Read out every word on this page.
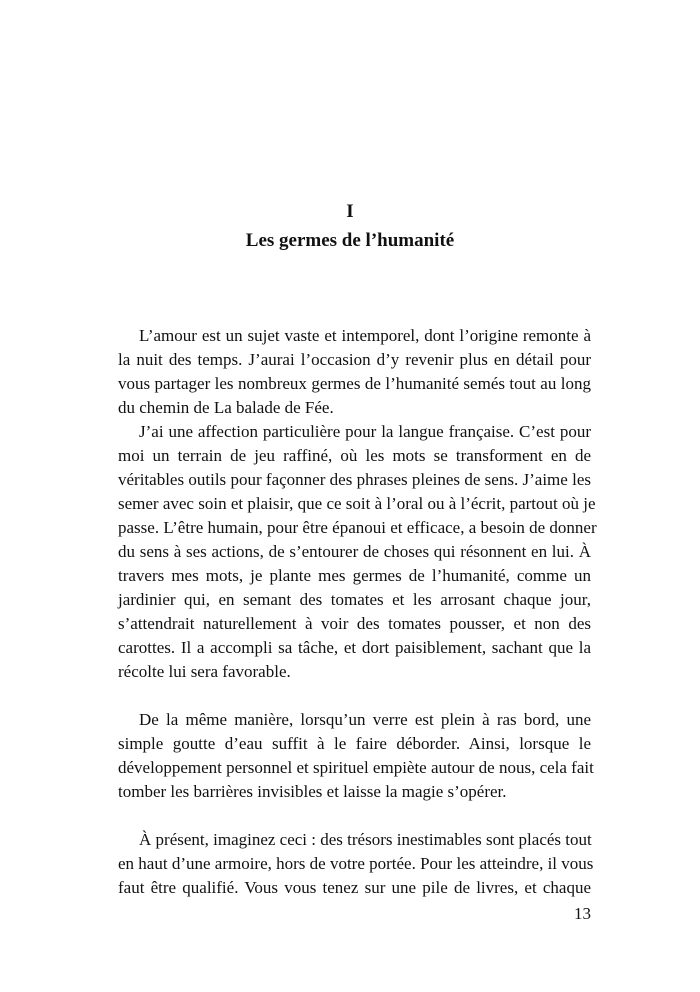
I
Les germes de l’humanité
L’amour est un sujet vaste et intemporel, dont l’origine remonte à
la nuit des temps. J’aurai l’occasion d’y revenir plus en détail pour
vous partager les nombreux germes de l’humanité semés tout au long
du chemin de La balade de Fée.
J’ai une affection particulière pour la langue française. C’est pour
moi un terrain de jeu raffiné, où les mots se transforment en de
véritables outils pour façonner des phrases pleines de sens. J’aime les
semer avec soin et plaisir, que ce soit à l’oral ou à l’écrit, partout où je
passe. L’être humain, pour être épanoui et efficace, a besoin de donner
du sens à ses actions, de s’entourer de choses qui résonnent en lui. À
travers mes mots, je plante mes germes de l’humanité, comme un
jardinier qui, en semant des tomates et les arrosant chaque jour,
s’attendrait naturellement à voir des tomates pousser, et non des
carottes. Il a accompli sa tâche, et dort paisiblement, sachant que la
récolte lui sera favorable.
De la même manière, lorsqu’un verre est plein à ras bord, une
simple goutte d’eau suffit à le faire déborder. Ainsi, lorsque le
développement personnel et spirituel empiète autour de nous, cela fait
tomber les barrières invisibles et laisse la magie s’opérer.
À présent, imaginez ceci : des trésors inestimables sont placés tout
en haut d’une armoire, hors de votre portée. Pour les atteindre, il vous
faut être qualifié. Vous vous tenez sur une pile de livres, et chaque
13
